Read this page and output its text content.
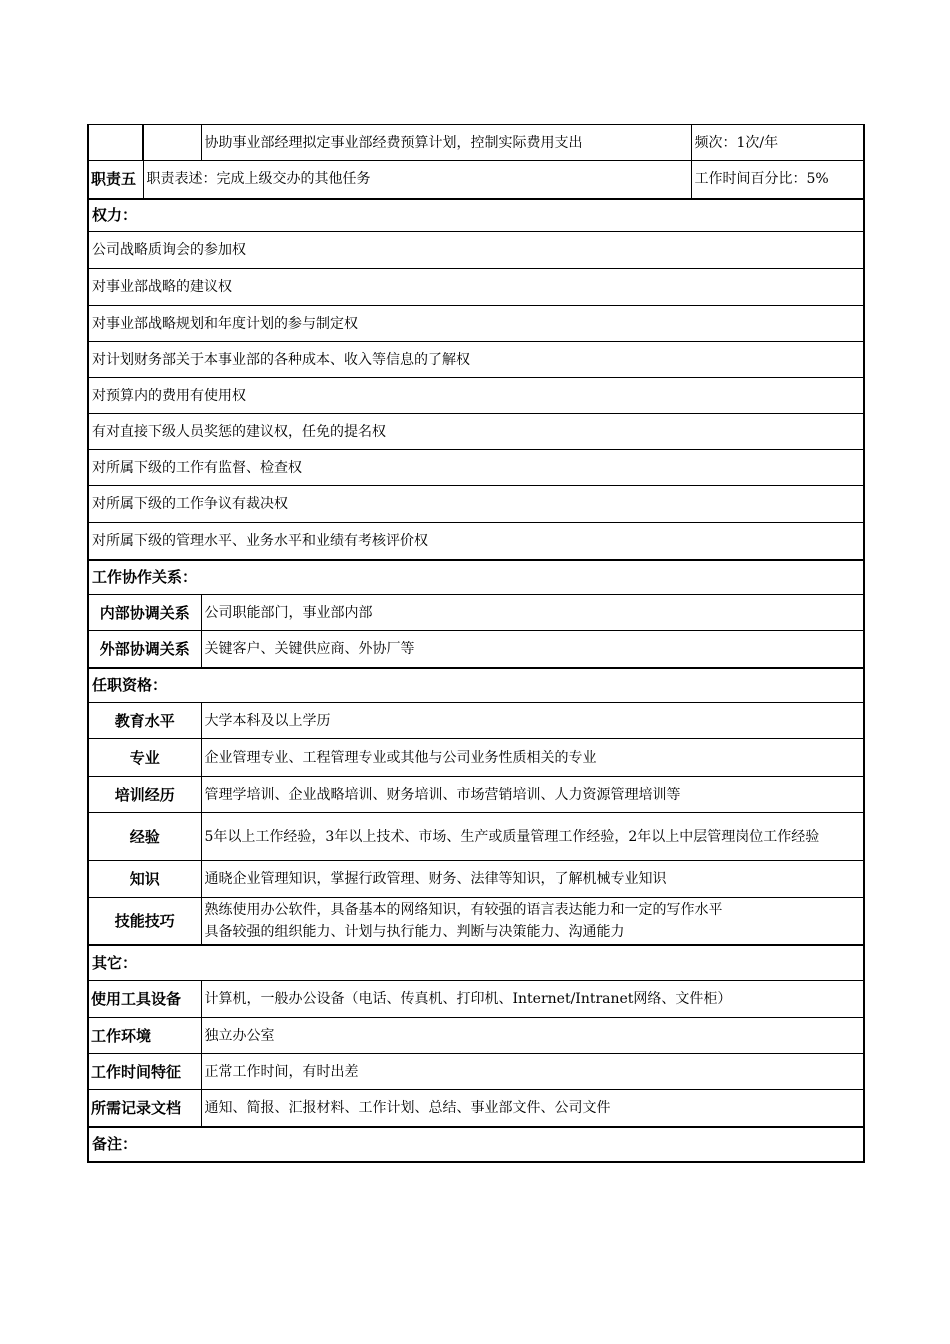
		协助事业部经理拟定事业部经费预算计划，控制实际费用支出	频次：1次/年
职责五	职责表述：完成上级交办的其他任务		工作时间百分比：5%
权力：			
公司战略质询会的参加权			
对事业部战略的建议权			
对事业部战略规划和年度计划的参与制定权			
对计划财务部关于本事业部的各种成本、收入等信息的了解权			
对预算内的费用有使用权			
有对直接下级人员奖惩的建议权，任免的提名权			
对所属下级的工作有监督、检查权			
对所属下级的工作争议有裁决权			
对所属下级的管理水平、业务水平和业绩有考核评价权			
工作协作关系：			
内部协调关系		公司职能部门，事业部内部	
外部协调关系		关键客户、关键供应商、外协厂等	
任职资格：			
教育水平		大学本科及以上学历	
专业		企业管理专业、工程管理专业或其他与公司业务性质相关的专业	
培训经历		管理学培训、企业战略培训、财务培训、市场营销培训、人力资源管理培训等	
经验		5年以上工作经验，3年以上技术、市场、生产或质量管理工作经验，2年以上中层管理岗位工作经验	
知识		通晓企业管理知识，掌握行政管理、财务、法律等知识，了解机械专业知识	
技能技巧		熟练使用办公软件，具备基本的网络知识，有较强的语言表达能力和一定的写作水平
具备较强的组织能力、计划与执行能力、判断与决策能力、沟通能力	

其它：			
使用工具设备		计算机，一般办公设备（电话、传真机、打印机、Internet/Intranet网络、文件柜）	
工作环境		独立办公室	
工作时间特征		正常工作时间，有时出差	
所需记录文档		通知、简报、汇报材料、工作计划、总结、事业部文件、公司文件	
备注：			
